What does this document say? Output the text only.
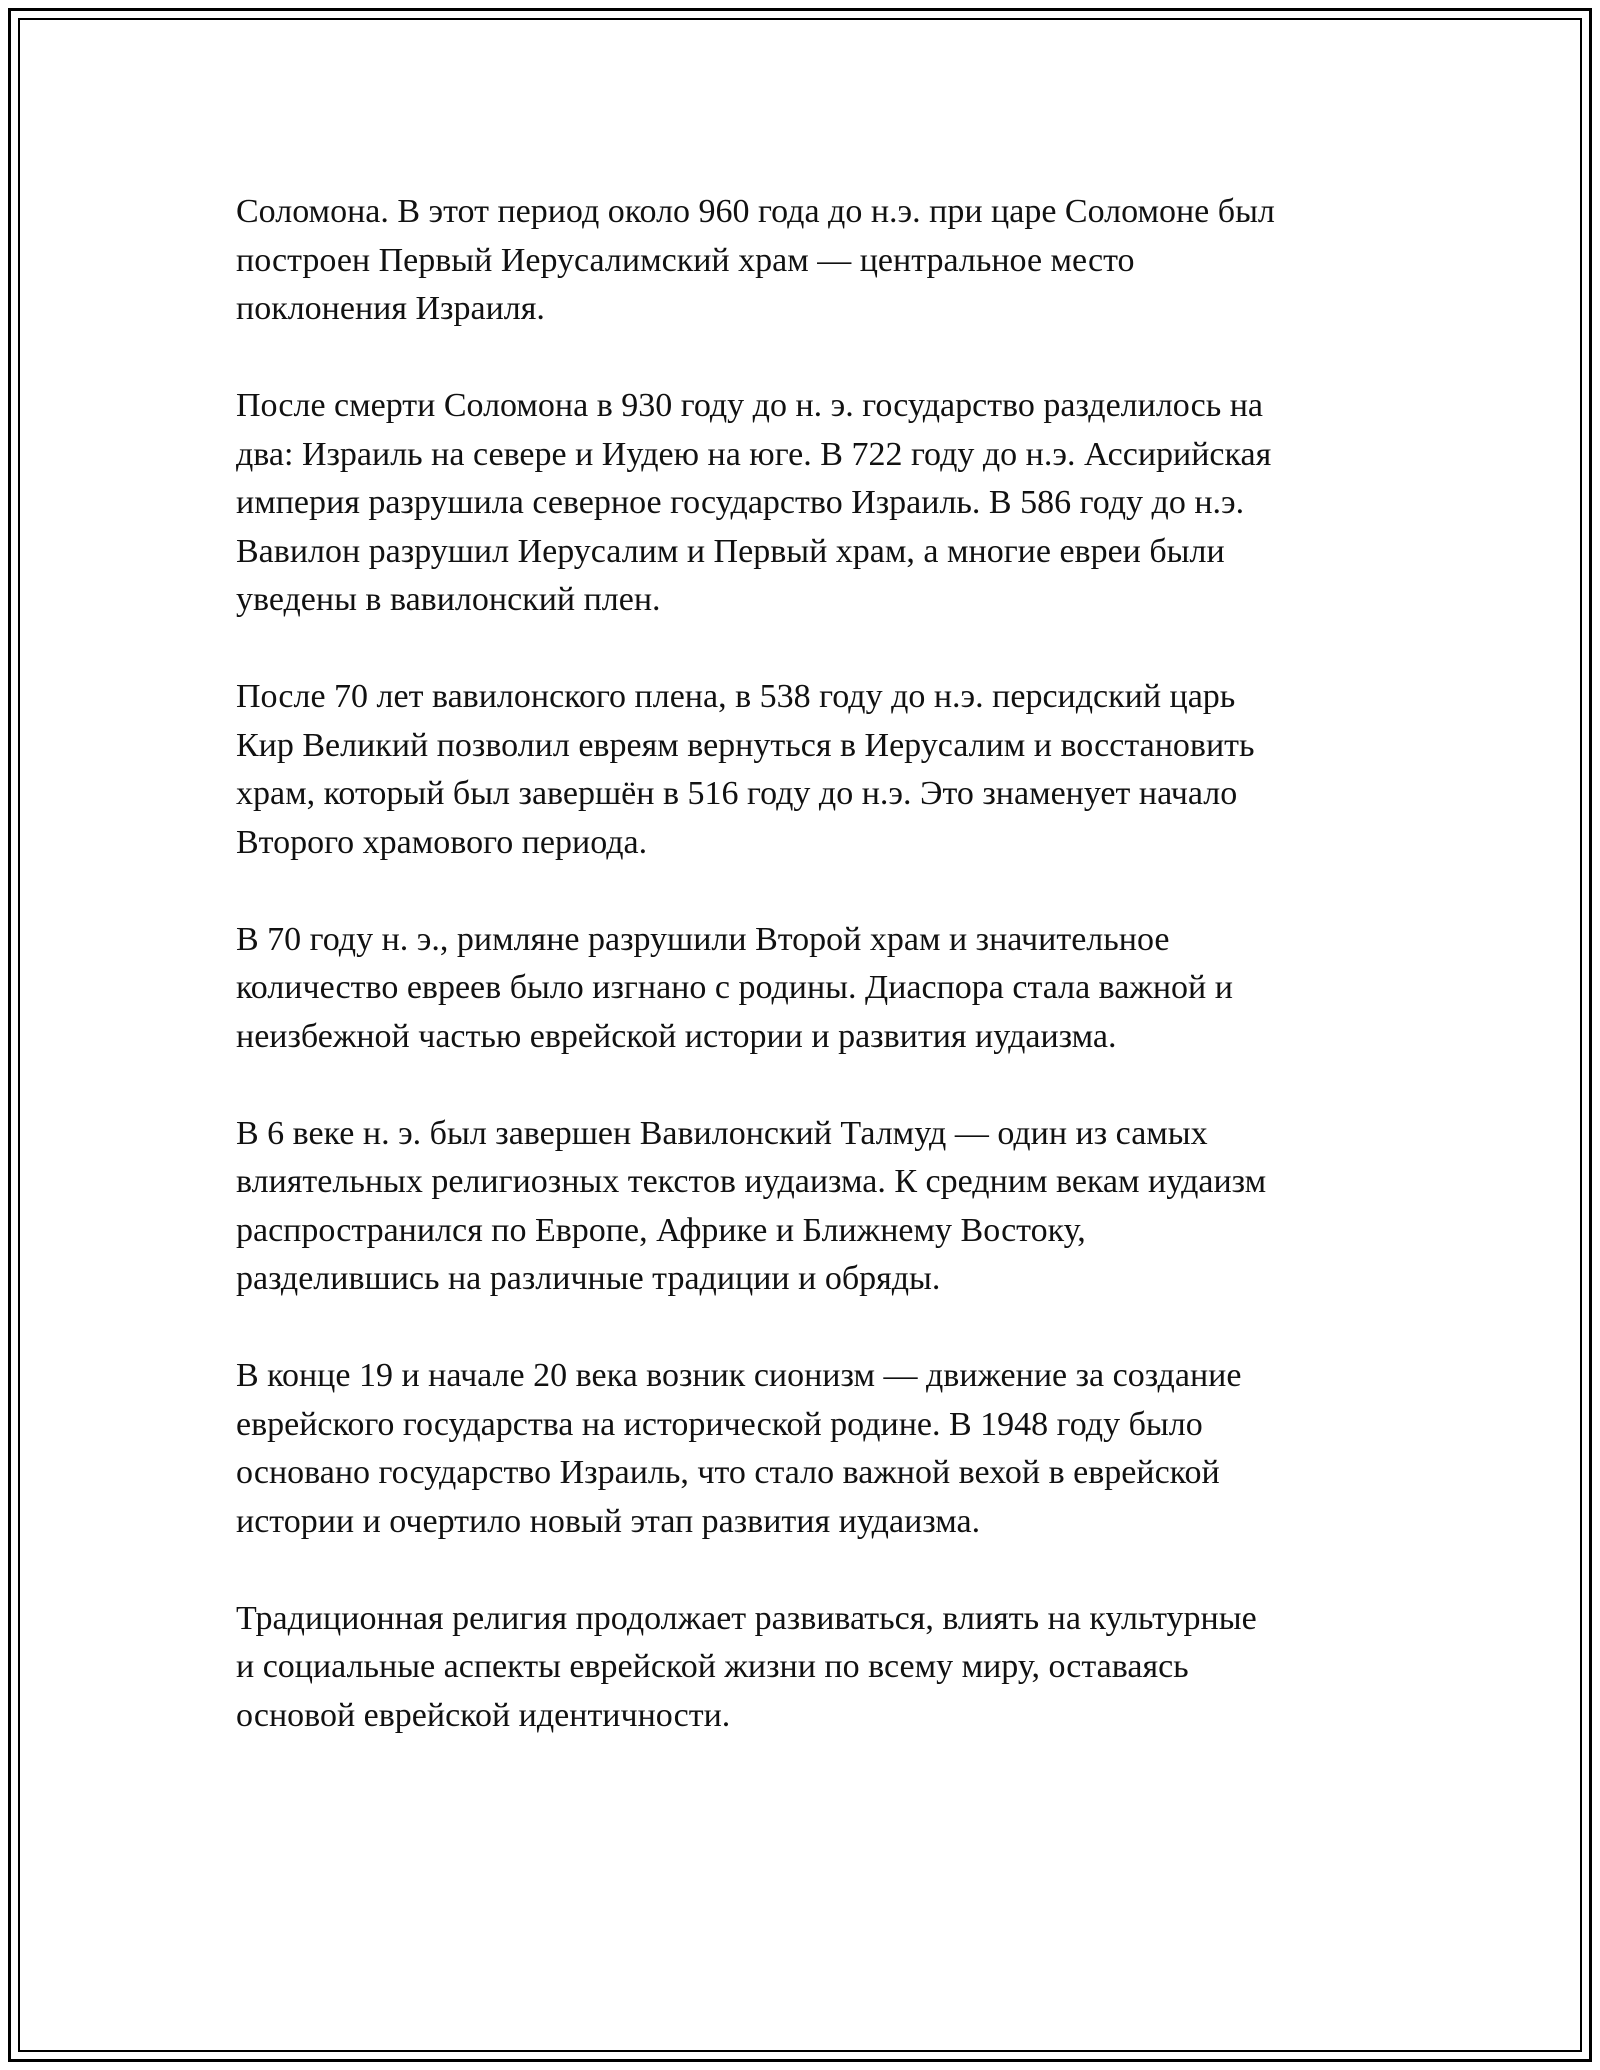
Соломона. В этот период около 960 года до н.э. при царе Соломоне был
построен Первый Иерусалимский храм — центральное место
поклонения Израиля.

После смерти Соломона в 930 году до н. э. государство разделилось на
два: Израиль на севере и Иудею на юге. В 722 году до н.э. Ассирийская
империя разрушила северное государство Израиль. В 586 году до н.э.
Вавилон разрушил Иерусалим и Первый храм, а многие евреи были
уведены в вавилонский плен.

После 70 лет вавилонского плена, в 538 году до н.э. персидский царь
Кир Великий позволил евреям вернуться в Иерусалим и восстановить
храм, который был завершён в 516 году до н.э. Это знаменует начало
Второго храмового периода.

В 70 году н. э., римляне разрушили Второй храм и значительное
количество евреев было изгнано с родины. Диаспора стала важной и
неизбежной частью еврейской истории и развития иудаизма.

В 6 веке н. э. был завершен Вавилонский Талмуд — один из самых
влиятельных религиозных текстов иудаизма. К средним векам иудаизм
распространился по Европе, Африке и Ближнему Востоку,
разделившись на различные традиции и обряды.

В конце 19 и начале 20 века возник сионизм — движение за создание
еврейского государства на исторической родине. В 1948 году было
основано государство Израиль, что стало важной вехой в еврейской
истории и очертило новый этап развития иудаизма.

Традиционная религия продолжает развиваться, влиять на культурные
и социальные аспекты еврейской жизни по всему миру, оставаясь
основой еврейской идентичности.
